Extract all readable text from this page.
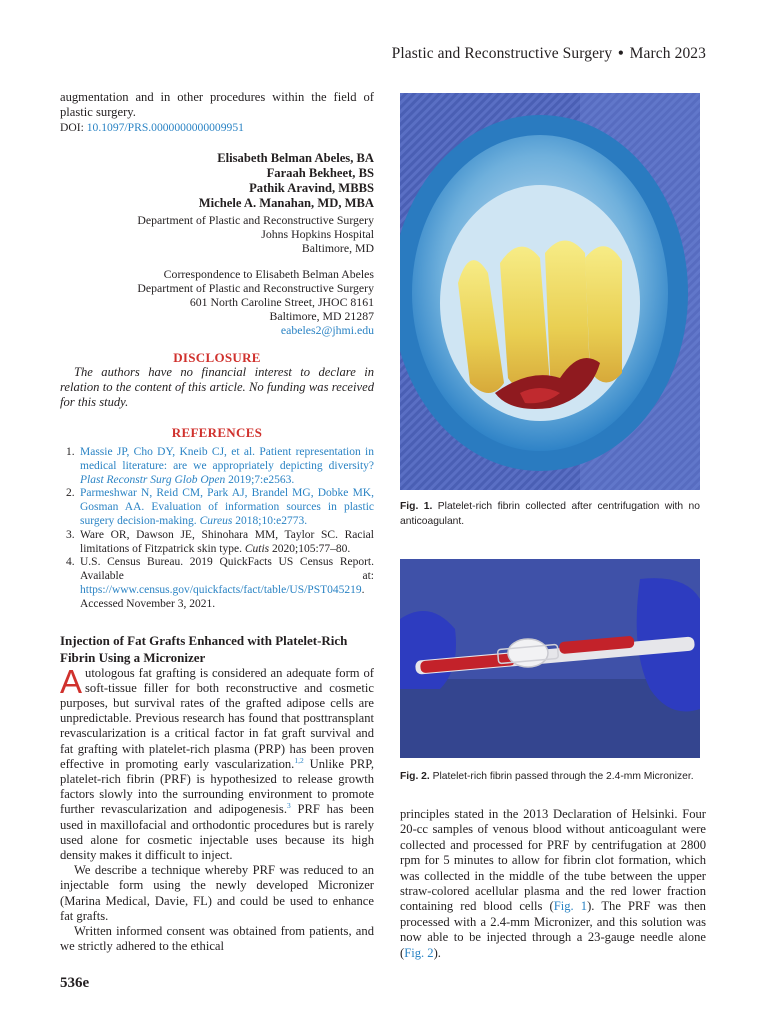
Plastic and Reconstructive Surgery • March 2023

augmentation and in other procedures within the field of plastic surgery.

DOI: 10.1097/PRS.0000000000009951

Elisabeth Belman Abeles, BA

Faraah Bekheet, BS

Pathik Aravind, MBBS

Michele A. Manahan, MD, MBA

Department of Plastic and Reconstructive Surgery
Johns Hopkins Hospital
Baltimore, MD
Correspondence to Elisabeth Belman Abeles
Department of Plastic and Reconstructive Surgery
601 North Caroline Street, JHOC 8161
Baltimore, MD 21287
eabeles2@jhmi.edu
DISCLOSURE

The authors have no financial interest to declare in relation to the content of this article. No funding was received for this study.

REFERENCES
1. Massie JP, Cho DY, Kneib CJ, et al. Patient representation in medical literature: are we appropriately depicting diversity? Plast Reconstr Surg Glob Open 2019;7:e2563.
2. Parmeshwar N, Reid CM, Park AJ, Brandel MG, Dobke MK, Gosman AA. Evaluation of information sources in plastic surgery decision-making. Cureus 2018;10:e2773.
3. Ware OR, Dawson JE, Shinohara MM, Taylor SC. Racial limitations of Fitzpatrick skin type. Cutis 2020;105:77–80.
4. U.S. Census Bureau. 2019 QuickFacts US Census Report. Available at: https://www.census.gov/quickfacts/fact/table/US/PST045219. Accessed November 3, 2021.
Injection of Fat Grafts Enhanced with Platelet-Rich Fibrin Using a Micronizer

Autologous fat grafting is considered an adequate form of soft-tissue filler for both reconstructive and cosmetic purposes, but survival rates of the grafted adipose cells are unpredictable. Previous research has found that posttransplant revascularization is a critical factor in fat graft survival and fat grafting with platelet-rich plasma (PRP) has been proven effective in promoting early vascularization.$^{1,2}$ Unlike PRP, platelet-rich fibrin (PRF) is hypothesized to release growth factors slowly into the surrounding environment to promote further revascularization and adipogenesis.$^3$ PRF has been used in maxillofacial and orthodontic procedures but is rarely used alone for cosmetic injectable uses because its high density makes it difficult to inject.

We describe a technique whereby PRF was reduced to an injectable form using the newly developed Micronizer (Marina Medical, Davie, FL) and could be used to enhance fat grafts.

Written informed consent was obtained from patients, and we strictly adhered to the ethical

Fig. 1. Platelet-rich fibrin collected after centrifugation with no anticoagulant.

Fig. 2. Platelet-rich fibrin passed through the 2.4-mm Micronizer.

principles stated in the 2013 Declaration of Helsinki. Four 20-cc samples of venous blood without anticoagulant were collected and processed for PRF by centrifugation at 2800 rpm for 5 minutes to allow for fibrin clot formation, which was collected in the middle of the tube between the upper straw-colored acellular plasma and the red lower fraction containing red blood cells (Fig. 1). The PRF was then processed with a 2.4-mm Micronizer, and this solution was now able to be injected through a 23-gauge needle alone (Fig. 2).

536e
